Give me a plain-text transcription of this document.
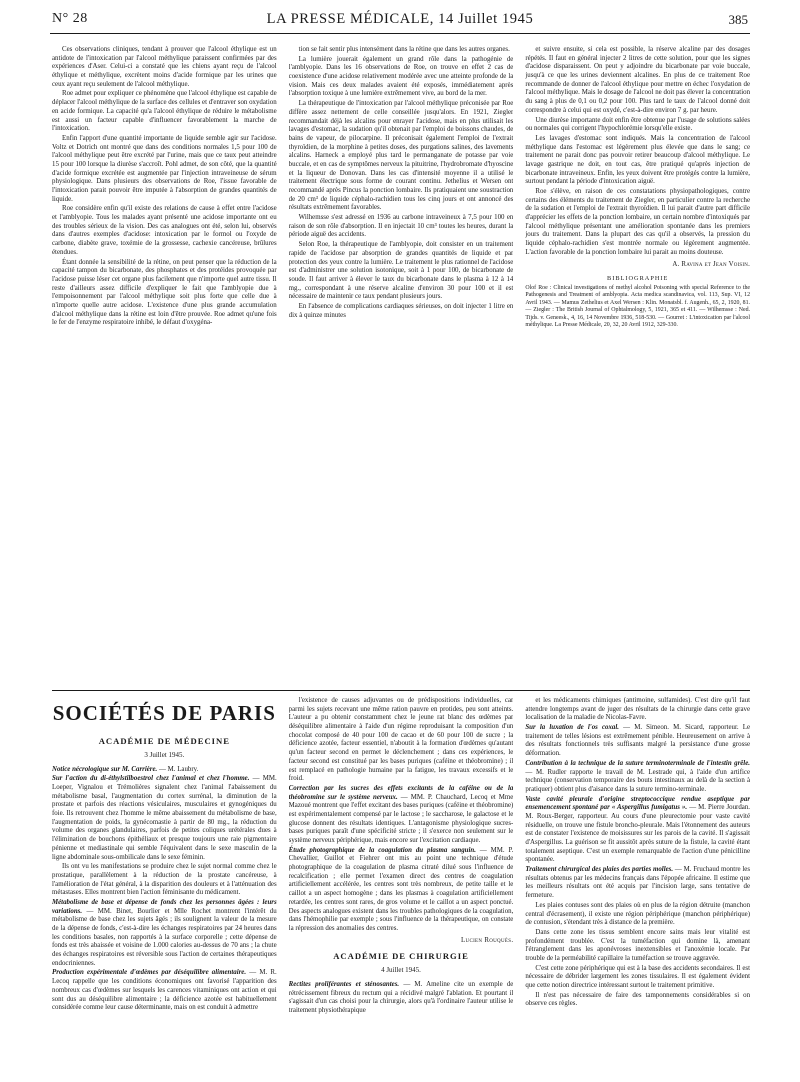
N° 28	LA PRESSE MÉDICALE, 14 Juillet 1945	385

Ces observations cliniques, tendant à prouver que l'alcool éthylique est un antidote de l'intoxication par l'alcool méthylique paraissent confirmées par des expériences d'Aser. Celui-ci a constaté que les chiens ayant reçu de l'alcool éthylique et méthylique, excrètent moins d'acide formique par les urines que ceux ayant reçu seulement de l'alcool méthylique.

Roe admet pour expliquer ce phénomène que l'alcool éthylique est capable de déplacer l'alcool méthylique de la surface des cellules et d'entraver son oxydation en acide formique. La capacité qu'a l'alcool éthylique de réduire le métabolisme est aussi un facteur capable d'influencer favorablement la marche de l'intoxication.

Enfin l'apport d'une quantité importante de liquide semble agir sur l'acidose. Voltz et Dotrich ont montré que dans des conditions normales 1,5 pour 100 de l'alcool méthylique peut être excrété par l'urine, mais que ce taux peut atteindre 15 pour 100 lorsque la diurèse s'accroît. Pohl admet, de son côté, que la quantité d'acide formique excrétée est augmentée par l'injection intraveineuse de sérum physiologique. Dans plusieurs des observations de Roe, l'issue favorable de l'intoxication parait pouvoir être imputée à l'absorption de grandes quantités de liquide.

Roe considère enfin qu'il existe des relations de cause à effet entre l'acidose et l'amblyopie. Tous les malades ayant présenté une acidose importante ont eu des troubles sérieux de la vision. Des cas analogues ont été, selon lui, observés dans d'autres exemples d'acidose: intoxication par le formol ou l'oxyde de carbone, diabète grave, toxémie de la grossesse, cachexie cancéreuse, brûlures étendues.

Étant donnée la sensibilité de la rétine, on peut penser que la réduction de la capacité tampon du bicarbonate, des phosphates et des protéides provoquée par l'acidose puisse léser cet organe plus facilement que n'importe quel autre tissu. Il reste d'ailleurs assez difficile d'expliquer le fait que l'amblyopie due à l'empoisonnement par l'alcool méthylique soit plus forte que celle due à n'importe quelle autre acidose. L'existence d'une plus grande accumulation d'alcool méthylique dans la rétine est loin d'être prouvée. Roe admet qu'une fois le fer de l'enzyme respiratoire inhibé, le défaut d'oxygéna-

tion se fait sentir plus intensément dans la rétine que dans les autres organes.

La lumière jouerait également un grand rôle dans la pathogénie de l'amblyopie. Dans les 16 observations de Roe, on trouve en effet 2 cas de coexistence d'une acidose relativement modérée avec une atteinte profonde de la vision. Mais ces deux malades avaient été exposés, immédiatement après l'absorption toxique à une lumière extrêmement vive, au bord de la mer.

La thérapeutique de l'intoxication par l'alcool méthylique préconisée par Roe diffère assez nettement de celle conseillée jusqu'alors. En 1921, Ziegler recommandait déjà les alcalins pour enrayer l'acidose, mais en plus utilisait les lavages d'estomac, la sudation qu'il obtenait par l'emploi de boissons chaudes, de bains de vapeur, de pilocarpine. Il préconisait également l'emploi de l'extrait thyroïdien, de la morphine à petites doses, des purgations salines, des lavements alcalins. Harneck a employé plus tard le permanganate de potasse par voie buccale, et en cas de symptômes nerveux la pituitrine, l'hydrobromate d'hyoscine et la liqueur de Donovan. Dans les cas d'intensité moyenne il a utilisé le traitement électrique sous forme de courant continu. Jethelius et Wersen ont recommandé après Pincus la ponction lombaire. Ils pratiquaient une soustraction de 20 cm³ de liquide céphalo-rachidien tous les cinq jours et ont annoncé des résultats extrêmement favorables.

Wilhemsse s'est adressé en 1936 au carbone intraveineux à 7,5 pour 100 en raison de son rôle d'absorption. Il en injectait 10 cm³ toutes les heures, durant la période aiguë des accidents.

Selon Roe, la thérapeutique de l'amblyopie, doit consister en un traitement rapide de l'acidose par absorption de grandes quantités de liquide et par protection des yeux contre la lumière. Le traitement le plus rationnel de l'acidose est d'administrer une solution isotonique, soit à 1 pour 100, de bicarbonate de soude. Il faut arriver à élever le taux du bicarbonate dans le plasma à 12 à 14 mg., correspondant à une réserve alcaline d'environ 30 pour 100 et il est nécessaire de maintenir ce taux pendant plusieurs jours.

En l'absence de complications cardiaques sérieuses, on doit injecter 1 litre en dix à quinze minutes

et suivre ensuite, si cela est possible, la réserve alcaline par des dosages répétés. Il faut en général injecter 2 litres de cette solution, pour que les signes d'acidose disparaissent. On peut y adjoindre du bicarbonate par voie buccale, jusqu'à ce que les urines deviennent alcalines. En plus de ce traitement Roe recommande de donner de l'alcool éthylique pour mettre en échec l'oxydation de l'alcool méthylique. Mais le dosage de l'alcool ne doit pas élever la concentration du sang à plus de 0,1 ou 0,2 pour 100. Plus tard le taux de l'alcool donné doit correspondre à celui qui est oxydé, c'est-à-dire environ 7 g. par heure.

Une diurèse importante doit enfin être obtenue par l'usage de solutions salées ou normales qui corrigent l'hypochlorémie lorsqu'elle existe.

Les lavages d'estomac sont indiqués. Mais la concentration de l'alcool méthylique dans l'estomac est légèrement plus élevée que dans le sang; ce traitement ne parait donc pas pouvoir retirer beaucoup d'alcool méthylique. Le lavage gastrique ne doit, en tout cas, être pratiqué qu'après injection de bicarbonate intraveineux. Enfin, les yeux doivent être protégés contre la lumière, surtout pendant la période d'intoxication aiguë.

Roe s'élève, en raison de ces constatations physiopathologiques, contre certains des éléments du traitement de Ziegler, en particulier contre la recherche de la sudation et l'emploi de l'extrait thyroïdien. Il lui parait d'autre part difficile d'apprécier les effets de la ponction lombaire, un certain nombre d'intoxiqués par l'alcool méthylique présentant une amélioration spontanée dans les premiers jours du traitement. Dans la plupart des cas qu'il a observés, la pression du liquide céphalo-rachidien s'est montrée normale ou légèrement augmentée. L'action favorable de la ponction lombaire lui parait au moins douteuse.

A. Ravina et Jean Voisin.
BIBLIOGRAPHIE

Olof Roe : Clinical investigations of methyl alcohol Poisoning with special Reference to the Pathogenesis and Treatment of amblyopia. Acta medica scandinavica, vol. 113, Sup. VI, 12 Avril 1943. — Mamus Zethelius et Axel Wersen : Klin. Monatsbl. f. Augenh., 65, 2, 1920, 81. — Ziegler : The British Journal of Ophtalmology, 5, 1921, 365 et 411. — Wilhemsse : Ned. Tijds. v. Geneesk., 4, 16, 14 Novembre 1936, 518-530. — Gourret : L'intoxication par l'alcool méthylique. La Presse Médicale, 20, 32, 20 Avril 1912, 329-330.

SOCIÉTÉS DE PARIS
ACADÉMIE DE MÉDECINE
3 Juillet 1945.

Notice nécrologique sur M. Carrière. — M. Laubry.

Sur l'action du di-éthylstilboestrol chez l'animal et chez l'homme. — MM. Loeper, Vignalou et Trémolières signalent chez l'animal l'abaissement du métabolisme basal, l'augmentation du cortex surrénal, la diminution de la prostate et parfois des réactions vésiculaires, musculaires et gynogéniques du foie. Ils retrouvent chez l'homme le même abaissement du métabolisme de base, l'augmentation de poids, la gynécomastie à partir de 80 mg., la réduction du volume des organes glandulaires, parfois de petites coliques urétérales dues à l'élimination de bouchons épithéliaux et presque toujours une raie pigmentaire pénienne et mediastinale qui semble l'équivalent dans le sexe masculin de la ligne abdominale sous-ombilicale dans le sexe féminin.

Ils ont vu les manifestations se produire chez le sujet normal comme chez le prostatique, parallèlement à la réduction de la prostate cancéreuse, à l'amélioration de l'état général, à la disparition des douleurs et à l'atténuation des métastases. Elles montrent bien l'action féminisante du médicament.

Métabolisme de base et dépense de fonds chez les personnes âgées : leurs variations. — MM. Binet, Bourlier et Mlle Rochet montrent l'intérêt du métabolisme de base chez les sujets âgés ; ils soulignent la valeur de la mesure de la dépense de fonds, c'est-à-dire les échanges respiratoires par 24 heures dans les conditions basales, non rapportés à la surface corporelle ; cette dépense de fonds est très abaissée et voisine de 1.000 calories au-dessus de 70 ans ; la chute des échanges respiratoires est réversible sous l'action de certaines thérapeutiques endocriniennes.

Production expérimentale d'œdèmes par déséquilibre alimentaire. — M. R. Lecoq rappelle que les conditions économiques ont favorisé l'apparition des nombreux cas d'œdèmes sur lesquels les carences vitaminiques ont action et qui sont dus au déséquilibre alimentaire ; la déficience azotée est habituellement considérée comme leur cause déterminante, mais on est conduit à admettre

l'existence de causes adjuvantes ou de prédispositions individuelles, car parmi les sujets recevant une même ration pauvre en protides, peu sont atteints. L'auteur a pu obtenir constamment chez le jeune rat blanc des œdèmes par déséquilibre alimentaire à l'aide d'un régime reproduisant la composition d'un chocolat composé de 40 pour 100 de cacao et de 60 pour 100 de sucre ; la déficience azotée, facteur essentiel, n'aboutit à la formation d'œdèmes qu'autant qu'un facteur second en permet le déclenchement ; dans ces expériences, le facteur second est constitué par les bases puriques (caféine et théobromine) ; il est remplacé en pathologie humaine par la fatigue, les travaux excessifs et le froid.

Correction par les sucres des effets excitants de la caféine ou de la théobromine sur le système nerveux. — MM. P. Chauchard, Lecoq et Mme Mazoué montrent que l'effet excitant des bases puriques (caféine et théobromine) est expérimentalement compensé par le lactose ; le saccharose, le galactose et le glucose donnent des résultats identiques. L'antagonisme physiologique sucres-bases puriques paraît d'une spécificité stricte ; il s'exerce non seulement sur le système nerveux périphérique, mais encore sur l'excitation cardiaque.

Étude photographique de la coagulation du plasma sanguin. — MM. P. Chevallier, Guillot et Fiehrer ont mis au point une technique d'étude photographique de la coagulation de plasma citraté dilué sous l'influence de recalcification ; elle permet l'examen direct des centres de coagulation artificiellement accélérée, les centres sont très nombreux, de petite taille et le caillot a un aspect homogène ; dans les plasmas à coagulation artificiellement retardée, les centres sont rares, de gros volume et le caillot a un aspect ponctué. Des aspects analogues existent dans les troubles pathologiques de la coagulation, dans l'hémophilie par exemple ; sous l'influence de la thérapeutique, on constate la répression des anomalies des centres.

Lucien Rouquès.
ACADÉMIE DE CHIRURGIE
4 Juillet 1945.

Rectites proliférantes et sténosantes. — M. Ameline cite un exemple de rétrécissement fibreux du rectum qui a récidivé malgré l'ablation. Et pourtant il s'agissait d'un cas choisi pour la chirurgie, alors qu'à l'ordinaire l'auteur utilise le traitement physiothérapique

et les médicaments chimiques (antimoine, sulfamides). C'est dire qu'il faut attendre longtemps avant de juger des résultats de la chirurgie dans cette grave localisation de la maladie de Nicolas-Favre.

Sur la luxation de l'os coxal. — M. Simeon. M. Sicard, rapporteur. Le traitement de telles lésions est extrêmement pénible. Heureusement on arrive à des résultats fonctionnels très suffisants malgré la persistance d'une grosse déformation.

Contribution à la technique de la suture terminoterminale de l'intestin grêle. — M. Rudler rapporte le travail de M. Lestrade qui, à l'aide d'un artifice technique (conservation temporaire des bouts intestinaux au delà de la section à pratiquer) obtient plus d'aisance dans la suture termino-terminale.

Vaste cavité pleurale d'origine streptococcique rendue aseptique par ensemencement spontané par « Aspergillus fumigatus ». — M. Pierre Jourdan. M. Roux-Berger, rapporteur. Au cours d'une pleurectomie pour vaste cavité résiduelle, on trouve une fistule broncho-pleurale. Mais l'étonnement des auteurs est de constater l'existence de moisissures sur les parois de la cavité. Il s'agissait d'Aspergillus. La guérison se fit aussitôt après suture de la fistule, la cavité étant totalement aseptique. C'est un exemple remarquable de l'action d'une pénicilline spontanée.

Traitement chirurgical des plaies des parties molles. — M. Fruchaud montre les résultats obtenus par les médecins français dans l'épopée africaine. Il estime que les meilleurs résultats ont été acquis par l'incision large, sans tentative de fermeture.

Les plaies contuses sont des plaies où en plus de la région détruite (manchon central d'écrasement), il existe une région périphérique (manchon périphérique) de contusion, s'étendant très à distance de la première.

Dans cette zone les tissus semblent encore sains mais leur vitalité est profondément troublée. C'est la tuméfaction qui domine là, amenant l'étranglement dans les aponévroses inextensibles et l'anoxémie locale. Par trouble de la perméabilité capillaire la tuméfaction se trouve aggravée.

C'est cette zone périphérique qui est à la base des accidents secondaires. Il est nécessaire de débrider largement les zones tissulaires. Il est également évident que cette notion directrice intéressant surtout le traitement primitive.

Il n'est pas nécessaire de faire des tamponnements considérables si on observe ces règles.
